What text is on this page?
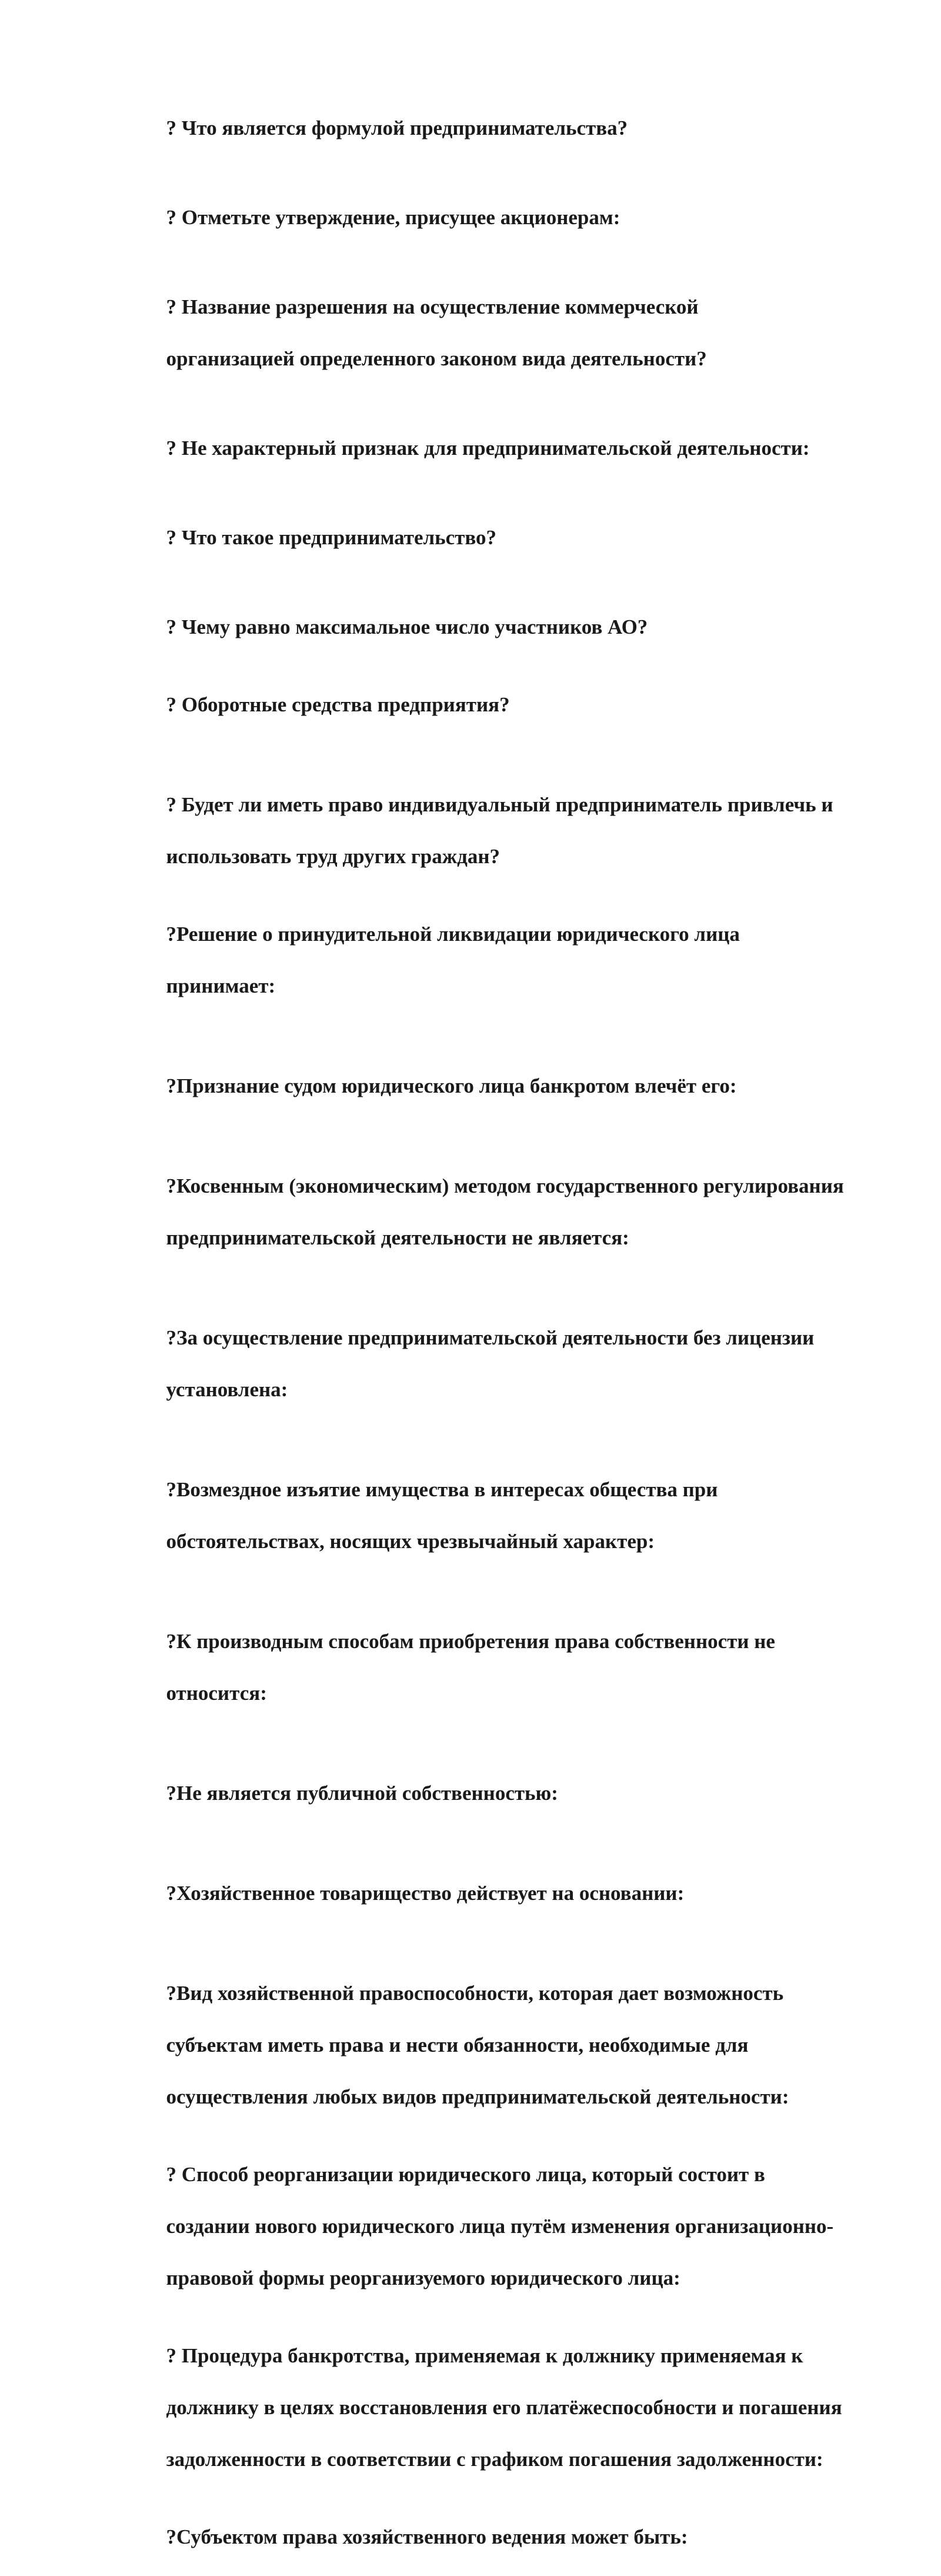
? Что является формулой предпринимательства?

? Отметьте утверждение, присущее акционерам:

? Название разрешения на осуществление коммерческой

организацией определенного законом вида деятельности?

? Не характерный признак для предпринимательской деятельности:

? Что такое предпринимательство?

? Чему равно максимальное число участников АО?

? Оборотные средства предприятия?

? Будет ли иметь право индивидуальный предприниматель привлечь и

использовать труд других граждан?

?Решение о принудительной ликвидации юридического лица

принимает:

?Признание судом юридического лица банкротом влечёт его:

?Косвенным (экономическим) методом государственного регулирования

предпринимательской деятельности не является:

?За осуществление предпринимательской деятельности без лицензии

установлена:

?Возмездное изъятие имущества в интересах общества при

обстоятельствах, носящих чрезвычайный характер:

?К производным способам приобретения права собственности не

относится:

?Не является публичной собственностью:

?Хозяйственное товарищество действует на основании:

?Вид хозяйственной правоспособности, которая дает возможность

субъектам иметь права и нести обязанности, необходимые для

осуществления любых видов предпринимательской деятельности:

? Способ реорганизации юридического лица, который состоит в

создании нового юридического лица путём изменения организационно-

правовой формы реорганизуемого юридического лица:

? Процедура банкротства, применяемая к должнику применяемая к

должнику в целях восстановления его платёжеспособности и погашения

задолженности в соответствии с графиком погашения задолженности:

?Субъектом права хозяйственного ведения может быть:
